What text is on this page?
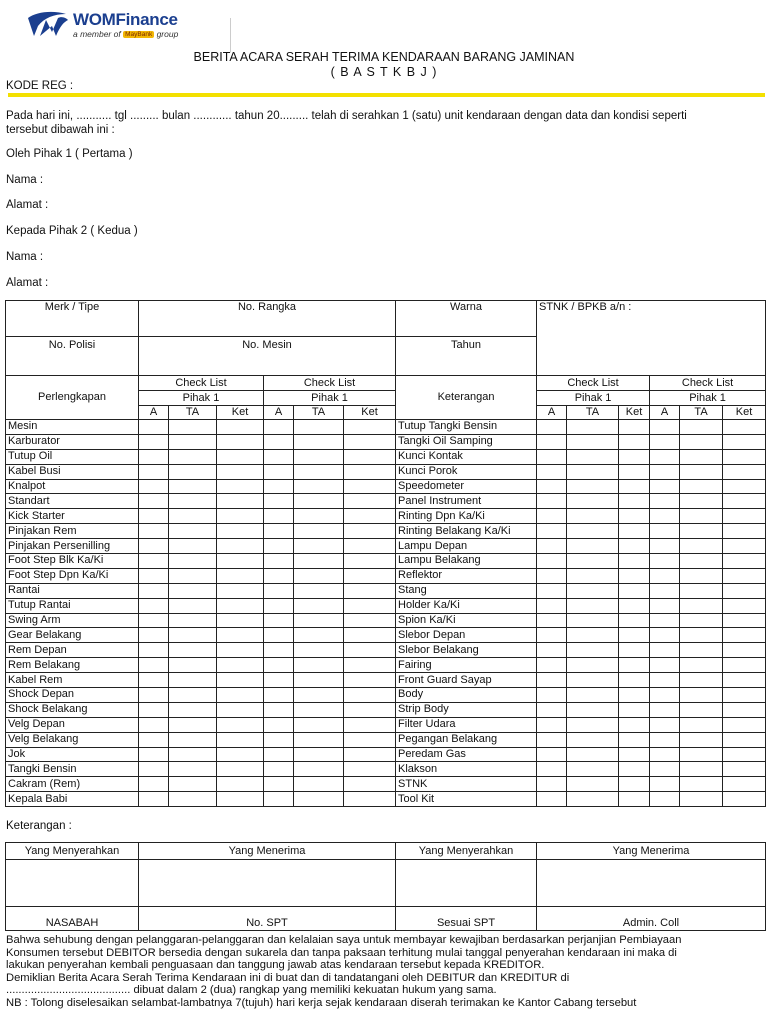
WOMFinance
a member of MayBank group
BERITA ACARA SERAH TERIMA KENDARAAN BARANG JAMINAN
( B A S T K B J )
KODE REG :
Pada hari ini, ........... tgl ......... bulan ............ tahun 20......... telah di serahkan 1 (satu) unit kendaraan dengan data dan kondisi seperti
tersebut dibawah ini :
Oleh Pihak 1 ( Pertama )
Nama :
Alamat :
Kepada Pihak 2 ( Kedua )
Nama :
Alamat :
Merk / Tipe	No. Rangka	Warna	STNK / BPKB a/n :
No. Polisi	No. Mesin	Tahun	
Perlengkapan	Check List			Check List			Keterangan	Check List			Check List		
	Pihak 1			Pihak 1				Pihak 1			Pihak 1		
	A	TA	Ket	A	TA	Ket		A	TA	Ket	A	TA	Ket
Mesin							Tutup Tangki Bensin						
Karburator							Tangki Oil Samping						
Tutup Oil							Kunci Kontak						
Kabel Busi							Kunci Porok						
Knalpot							Speedometer						
Standart							Panel Instrument						
Kick Starter							Rinting Dpn Ka/Ki						
Pinjakan Rem							Rinting Belakang Ka/Ki						
Pinjakan Persenilling							Lampu Depan						
Foot Step Blk Ka/Ki							Lampu Belakang						
Foot Step Dpn Ka/Ki							Reflektor						
Rantai							Stang						
Tutup Rantai							Holder Ka/Ki						
Swing Arm							Spion Ka/Ki						
Gear Belakang							Slebor Depan						
Rem Depan							Slebor Belakang						
Rem Belakang							Fairing						
Kabel Rem							Front Guard Sayap						
Shock Depan							Body						
Shock Belakang							Strip Body						
Velg Depan							Filter Udara						
Velg Belakang							Pegangan Belakang						
Jok							Peredam Gas						
Tangki Bensin							Klakson						
Cakram (Rem)							STNK						
Kepala Babi							Tool Kit						
Keterangan :
Yang Menyerahkan	Yang Menerima	Yang Menyerahkan	Yang Menerima

NASABAH	No. SPT	Sesuai SPT	Admin. Coll
Bahwa sehubung dengan pelanggaran-pelanggaran dan kelalaian saya untuk membayar kewajiban berdasarkan perjanjian Pembiayaan
Konsumen tersebut DEBITOR bersedia dengan sukarela dan tanpa paksaan terhitung mulai tanggal penyerahan kendaraan ini maka di
lakukan penyerahan kembali penguasaan dan tanggung jawab atas kendaraan tersebut kepada KREDITOR.
Demiklian Berita Acara Serah Terima Kendaraan ini di buat dan di tandatangani oleh DEBITUR dan KREDITUR di
........................................ dibuat dalam 2 (dua) rangkap yang memiliki kekuatan hukum yang sama.
NB : Tolong diselesaikan selambat-lambatnya 7(tujuh) hari kerja sejak kendaraan diserah terimakan ke Kantor Cabang tersebut
